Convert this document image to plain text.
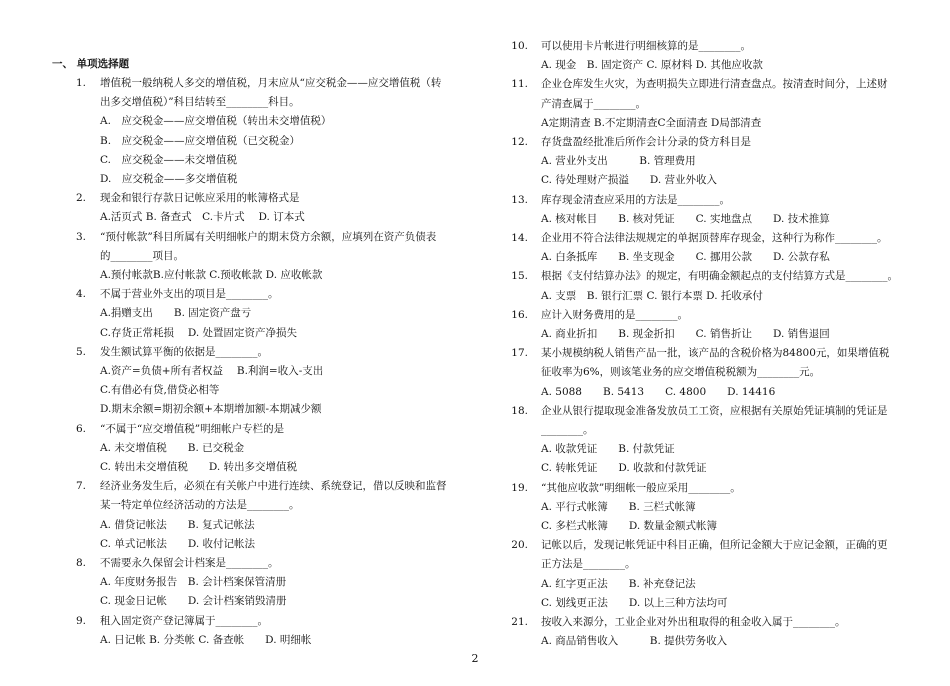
一、 单项选择题
1. 增值税一般纳税人多交的增值税，月末应从“应交税金——应交增值税（转
出多交增值税）”科目结转至________科目。
A.　应交税金——应交增值税（转出未交增值税）
B.　应交税金——应交增值税（已交税金）
C.　应交税金——未交增值税
D.　应交税金——多交增值税
2. 现金和银行存款日记帐应采用的帐簿格式是
A.活页式 B. 备查式　C.卡片式　 D. 订本式
3. “预付帐款”科目所属有关明细帐户的期末贷方余额，应填列在资产负债表
的________项目。
A.预付帐款B.应付帐款 C.预收帐款 D. 应收帐款
4. 不属于营业外支出的项目是________。
A.捐赠支出　　B. 固定资产盘亏
C.存货正常耗损　 D. 处置固定资产净损失
5. 发生额试算平衡的依据是________。
A.资产=负债+所有者权益　 B.利润=收入-支出
C.有借必有贷,借贷必相等
D.期末余额=期初余额+本期增加额-本期减少额
6. “不属于“应交增值税”明细帐户专栏的是
A. 未交增值税　　B. 已交税金
C. 转出未交增值税　　D. 转出多交增值税
7. 经济业务发生后，必须在有关帐户中进行连续、系统登记，借以反映和监督
某一特定单位经济活动的方法是________。
A. 借贷记帐法　　B. 复式记帐法
C. 单式记帐法　　D. 收付记帐法
8. 不需要永久保留会计档案是________。
A. 年度财务报告　B. 会计档案保管清册
C. 现金日记帐　　D. 会计档案销毁清册
9. 租入固定资产登记簿属于________。
A. 日记帐 B. 分类帐 C. 备查帐　　D. 明细帐
10. 可以使用卡片帐进行明细核算的是________。
A. 现金　B. 固定资产 C. 原材料 D. 其他应收款
11. 企业仓库发生火灾，为查明损失立即进行清查盘点。按清查时间分，上述财
产清查属于________。
A定期清查 B.不定期清查C全面清查 D局部清查
12. 存货盘盈经批准后所作会计分录的贷方科目是
A. 营业外支出　　　B. 管理费用
C. 待处理财产损溢　　D. 营业外收入
13. 库存现金清查应采用的方法是________。
A. 核对帐目　　B. 核对凭证　　C. 实地盘点　　D. 技术推算
14. 企业用不符合法律法规规定的单据顶替库存现金，这种行为称作________。
A. 白条抵库　　B. 坐支现金　　C. 挪用公款　　D. 公款存私
15. 根据《支付结算办法》的规定，有明确金额起点的支付结算方式是________。
A. 支票　B. 银行汇票 C. 银行本票 D. 托收承付
16. 应计入财务费用的是________。
A. 商业折扣　　B. 现金折扣　　C. 销售折让　　D. 销售退回
17. 某小规模纳税人销售产品一批，该产品的含税价格为84800元，如果增值税
征收率为6%，则该笔业务的应交增值税税额为________元。
A. 5088　　B. 5413　　C. 4800　　D. 14416
18. 企业从银行提取现金准备发放员工工资，应根据有关原始凭证填制的凭证是
________。
A. 收款凭证　　B. 付款凭证
C. 转帐凭证　　D. 收款和付款凭证
19. “其他应收款”明细帐一般应采用________。
A. 平行式帐簿　　B. 三栏式帐簿
C. 多栏式帐簿　　D. 数量金额式帐簿
20. 记帐以后，发现记帐凭证中科目正确，但所记金额大于应记金额，正确的更
正方法是________。
A. 红字更正法　　B. 补充登记法
C. 划线更正法　　D. 以上三种方法均可
21. 按收入来源分，工业企业对外出租取得的租金收入属于________。
A. 商品销售收入　　　B. 提供劳务收入
2
